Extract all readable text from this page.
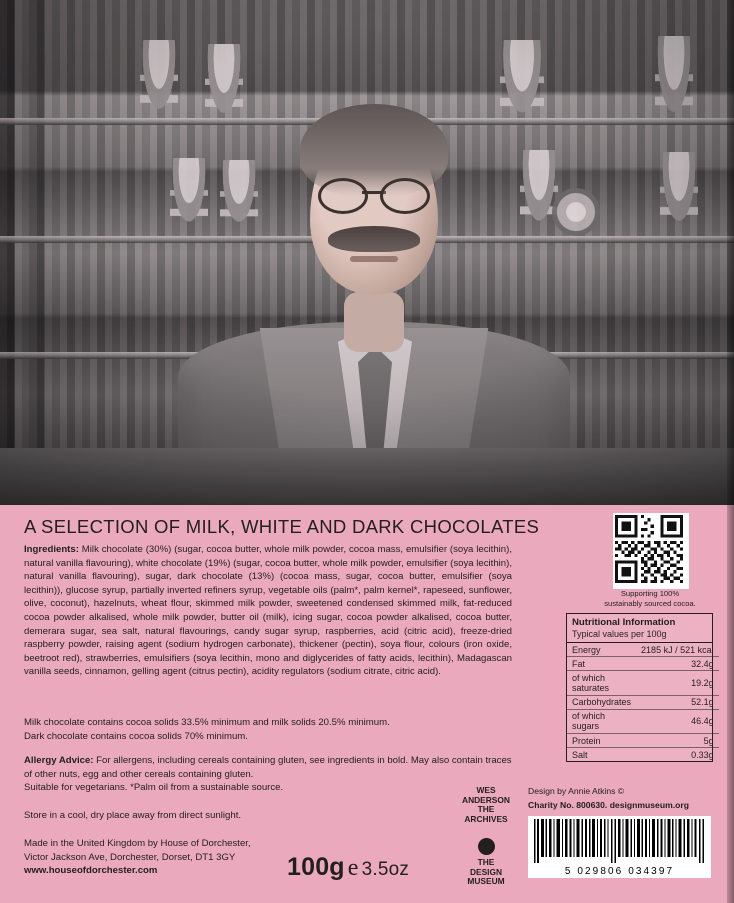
A SELECTION OF MILK, WHITE AND DARK CHOCOLATES
Ingredients: Milk chocolate (30%) (sugar, cocoa butter, whole milk powder, cocoa mass, emulsifier (soya lecithin), natural vanilla flavouring), white chocolate (19%) (sugar, cocoa butter, whole milk powder, emulsifier (soya lecithin), natural vanilla flavouring), sugar, dark chocolate (13%) (cocoa mass, sugar, cocoa butter, emulsifier (soya lecithin)), glucose syrup, partially inverted refiners syrup, vegetable oils (palm*, palm kernel*, rapeseed, sunflower, olive, coconut), hazelnuts, wheat flour, skimmed milk powder, sweetened condensed skimmed milk, fat-reduced cocoa powder alkalised, whole milk powder, butter oil (milk), icing sugar, cocoa powder alkalised, cocoa butter, demerara sugar, sea salt, natural flavourings, candy sugar syrup, raspberries, acid (citric acid), freeze-dried raspberry powder, raising agent (sodium hydrogen carbonate), thickener (pectin), soya flour, colours (iron oxide, beetroot red), strawberries, emulsifiers (soya lecithin, mono and diglycerides of fatty acids, lecithin), Madagascan vanilla seeds, cinnamon, gelling agent (citrus pectin), acidity regulators (sodium citrate, citric acid).
Milk chocolate contains cocoa solids 33.5% minimum and milk solids 20.5% minimum.
Dark chocolate contains cocoa solids 70% minimum.
Allergy Advice: For allergens, including cereals containing gluten, see ingredients in bold. May also contain traces of other nuts, egg and other cereals containing gluten.
Suitable for vegetarians. *Palm oil from a sustainable source.
Store in a cool, dry place away from direct sunlight.
Made in the United Kingdom by House of Dorchester,
Victor Jackson Ave, Dorchester, Dorset, DT1 3GY
www.houseofdorchester.com	100g e 3.5oz
Supporting 100%
sustainably sourced cocoa.
Nutritional Information
Typical values per 100g
Energy	2185 kJ / 521 kcal
Fat	32.4g
of which saturates	19.2g
Carbohydrates	52.1g
of which sugars	46.4g
Protein	5g
Salt	0.33g
WES
ANDERSON
THE
ARCHIVES
THE
DESIGN
MUSEUM
Design by Annie Atkins ©
Charity No. 800630. designmuseum.org
5 029806 034397
